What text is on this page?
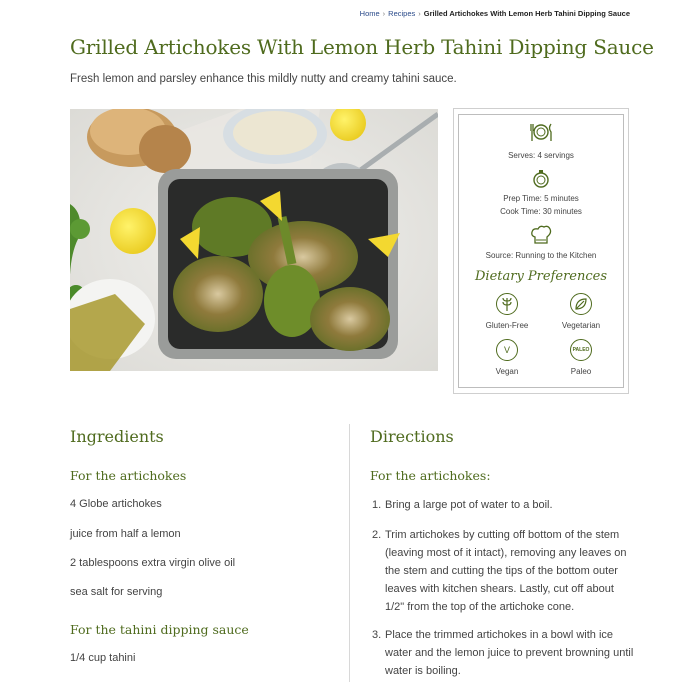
Home › Recipes › Grilled Artichokes With Lemon Herb Tahini Dipping Sauce
Grilled Artichokes With Lemon Herb Tahini Dipping Sauce

Fresh lemon and parsley enhance this mildly nutty and creamy tahini sauce.

Serves: 4 servings
Prep Time: 5 minutes
Cook Time: 30 minutes
Source: Running to the Kitchen
Dietary Preferences
Gluten-Free	Vegetarian
V
Vegan
PALEO
Paleo
Ingredients
For the artichokes
4 Globe artichokes
juice from half a lemon
2 tablespoons extra virgin olive oil
sea salt for serving
For the tahini dipping sauce
1/4 cup tahini
Directions
For the artichokes:
1. Bring a large pot of water to a boil.
2. Trim artichokes by cutting off bottom of the stem (leaving most of it intact), removing any leaves on the stem and cutting the tips of the bottom outer leaves with kitchen shears. Lastly, cut off about 1/2" from the top of the artichoke cone.
3. Place the trimmed artichokes in a bowl with ice water and the lemon juice to prevent browning until water is boiling.
